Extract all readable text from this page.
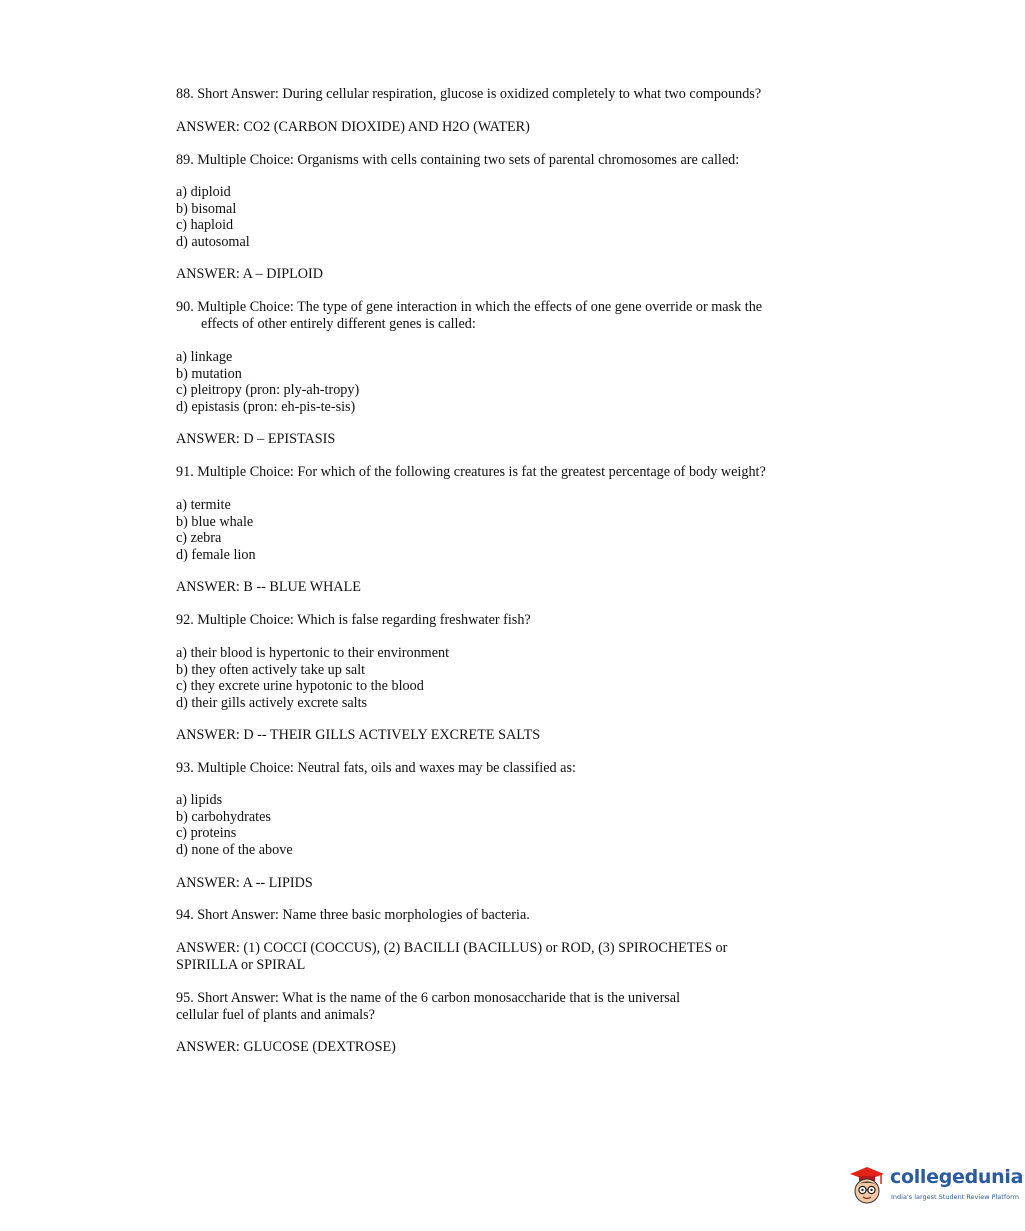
88. Short Answer: During cellular respiration, glucose is oxidized completely to what two compounds?
ANSWER: CO2 (CARBON DIOXIDE) AND H2O (WATER)
89. Multiple Choice: Organisms with cells containing two sets of parental chromosomes are called:
a) diploid
b) bisomal
c) haploid
d) autosomal
ANSWER: A – DIPLOID
90. Multiple Choice: The type of gene interaction in which the effects of one gene override or mask the
effects of other entirely different genes is called:
a) linkage
b) mutation
c) pleitropy (pron: ply-ah-tropy)
d) epistasis (pron: eh-pis-te-sis)
ANSWER: D – EPISTASIS
91. Multiple Choice: For which of the following creatures is fat the greatest percentage of body weight?
a) termite
b) blue whale
c) zebra
d) female lion
ANSWER: B -- BLUE WHALE
92. Multiple Choice: Which is false regarding freshwater fish?
a) their blood is hypertonic to their environment
b) they often actively take up salt
c) they excrete urine hypotonic to the blood
d) their gills actively excrete salts
ANSWER: D -- THEIR GILLS ACTIVELY EXCRETE SALTS
93. Multiple Choice: Neutral fats, oils and waxes may be classified as:
a) lipids
b) carbohydrates
c) proteins
d) none of the above
ANSWER: A -- LIPIDS
94. Short Answer: Name three basic morphologies of bacteria.
ANSWER: (1) COCCI (COCCUS), (2) BACILLI (BACILLUS) or ROD, (3) SPIROCHETES or
SPIRILLA or SPIRAL
95. Short Answer: What is the name of the 6 carbon monosaccharide that is the universal
cellular fuel of plants and animals?
ANSWER: GLUCOSE (DEXTROSE)
collegedunia
India's largest Student Review Platform
